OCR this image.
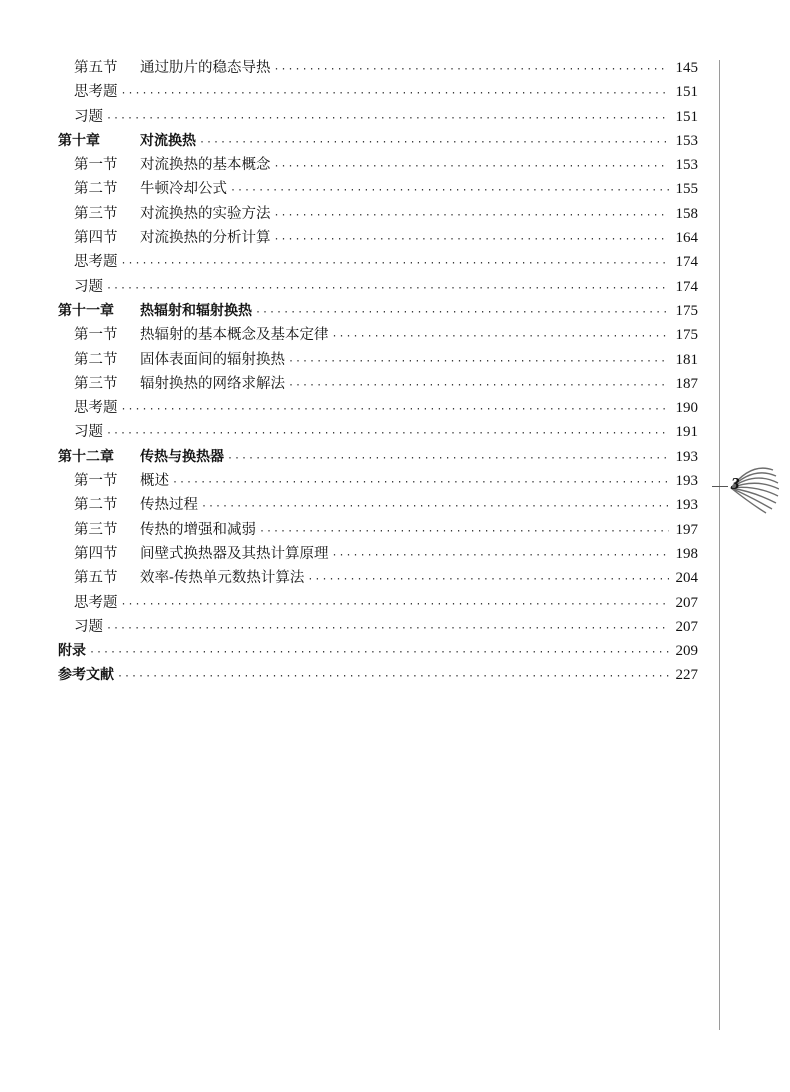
第五节	通过肋片的稳态导热 ·····	145
思考题 ·····	151
习题 ·····	151
第十章	对流换热 ·····	153
第一节	对流换热的基本概念 ·····	153
第二节	牛顿冷却公式 ·····	155
第三节	对流换热的实验方法 ·····	158
第四节	对流换热的分析计算 ·····	164
思考题 ·····	174
习题 ·····	174
第十一章	热辐射和辐射换热 ·····	175
第一节	热辐射的基本概念及基本定律 ·····	175
第二节	固体表面间的辐射换热 ·····	181
第三节	辐射换热的网络求解法 ·····	187
思考题 ·····	190
习题 ·····	191
第十二章	传热与换热器 ·····	193
第一节	概述 ·····	193
第二节	传热过程 ·····	193
第三节	传热的增强和减弱 ·····	197
第四节	间壁式换热器及其热计算原理 ·····	198
第五节	效率-传热单元数热计算法 ·····	204
思考题 ·····	207
习题 ·····	207
附录 ·····	209
参考文献 ·····	227
3
